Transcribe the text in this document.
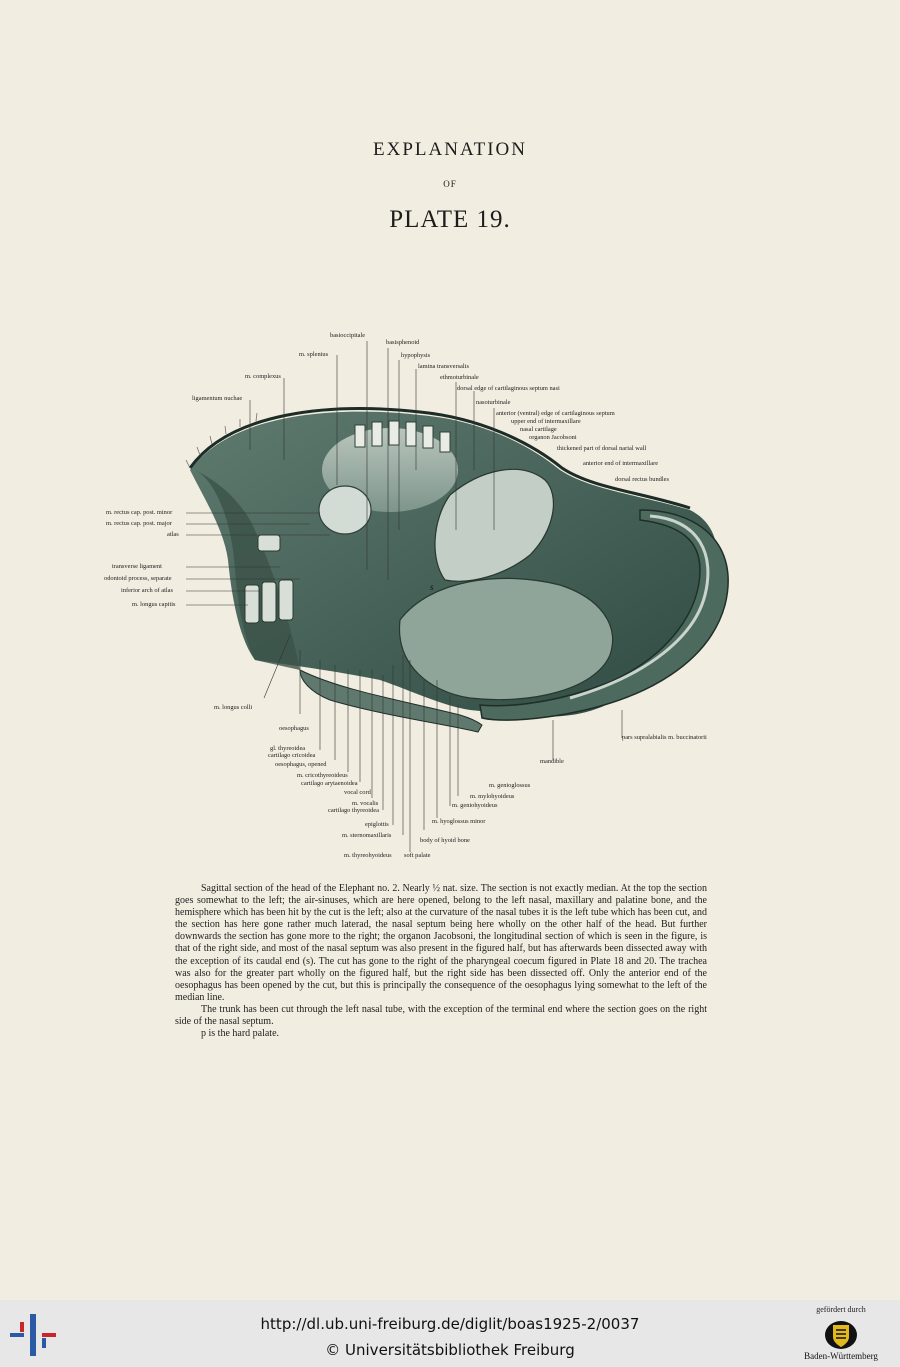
EXPLANATION
OF
PLATE 19.
s
basioccipitale
basisphenoid
m. splenius	hypophysis
lamina transversalis
m. complexus	ethmoturbinale
dorsal edge of cartilaginous septum nasi
ligamentum nuchae
nasoturbinale
anterior (ventral) edge of cartilaginous septum
upper end of intermaxillare
nasal cartilage
organon Jacobsoni
thickened part of dorsal narial wall
anterior end of intermaxillare
dorsal rectus bundles
m. rectus cap. post. minor
m. rectus cap. post. major
atlas
transverse ligament
odontoid process, separate
inferior arch of atlas
m. longus capitis
m. longus colli
oesophagus
pars supralabialis m. buccinatorii
gl. thyreoidea
cartilago cricoidea
oesophagus, opened	mandible
m. cricothyreoideus
cartilago arytaenoidea	m. genioglossus
vocal cord
m. mylohyoideus
m. vocalis	m. geniohyoideus
cartilago thyreoidea
epiglottis	m. hyoglossus minor
m. sternomaxillaris
body of hyoid bone
m. thyreohyoideus soft palate

Sagittal section of the head of the Elephant no. 2. Nearly ½ nat. size. The section is not exactly median. At the top the section goes somewhat to the left; the air-sinuses, which are here opened, belong to the left nasal, maxillary and palatine bone, and the hemisphere which has been hit by the cut is the left; also at the curvature of the nasal tubes it is the left tube which has been cut, and the section has here gone rather much laterad, the nasal septum being here wholly on the other half of the head. But further downwards the section has gone more to the right; the organon Jacobsoni, the longitudinal section of which is seen in the figure, is that of the right side, and most of the nasal septum was also present in the figured half, but has afterwards been dissected away with the exception of its caudal end (s). The cut has gone to the right of the pharyngeal coecum figured in Plate 18 and 20. The trachea was also for the greater part wholly on the figured half, but the right side has been dissected off. Only the anterior end of the oesophagus has been opened by the cut, but this is principally the consequence of the oesophagus lying somewhat to the left of the median line.

The trunk has been cut through the left nasal tube, with the exception of the terminal end where the section goes on the right side of the nasal septum.

p is the hard palate.

http://dl.ub.uni-freiburg.de/diglit/boas1925-2/0037
© Universitätsbibliothek Freiburg
gefördert durch
Baden-Württemberg
